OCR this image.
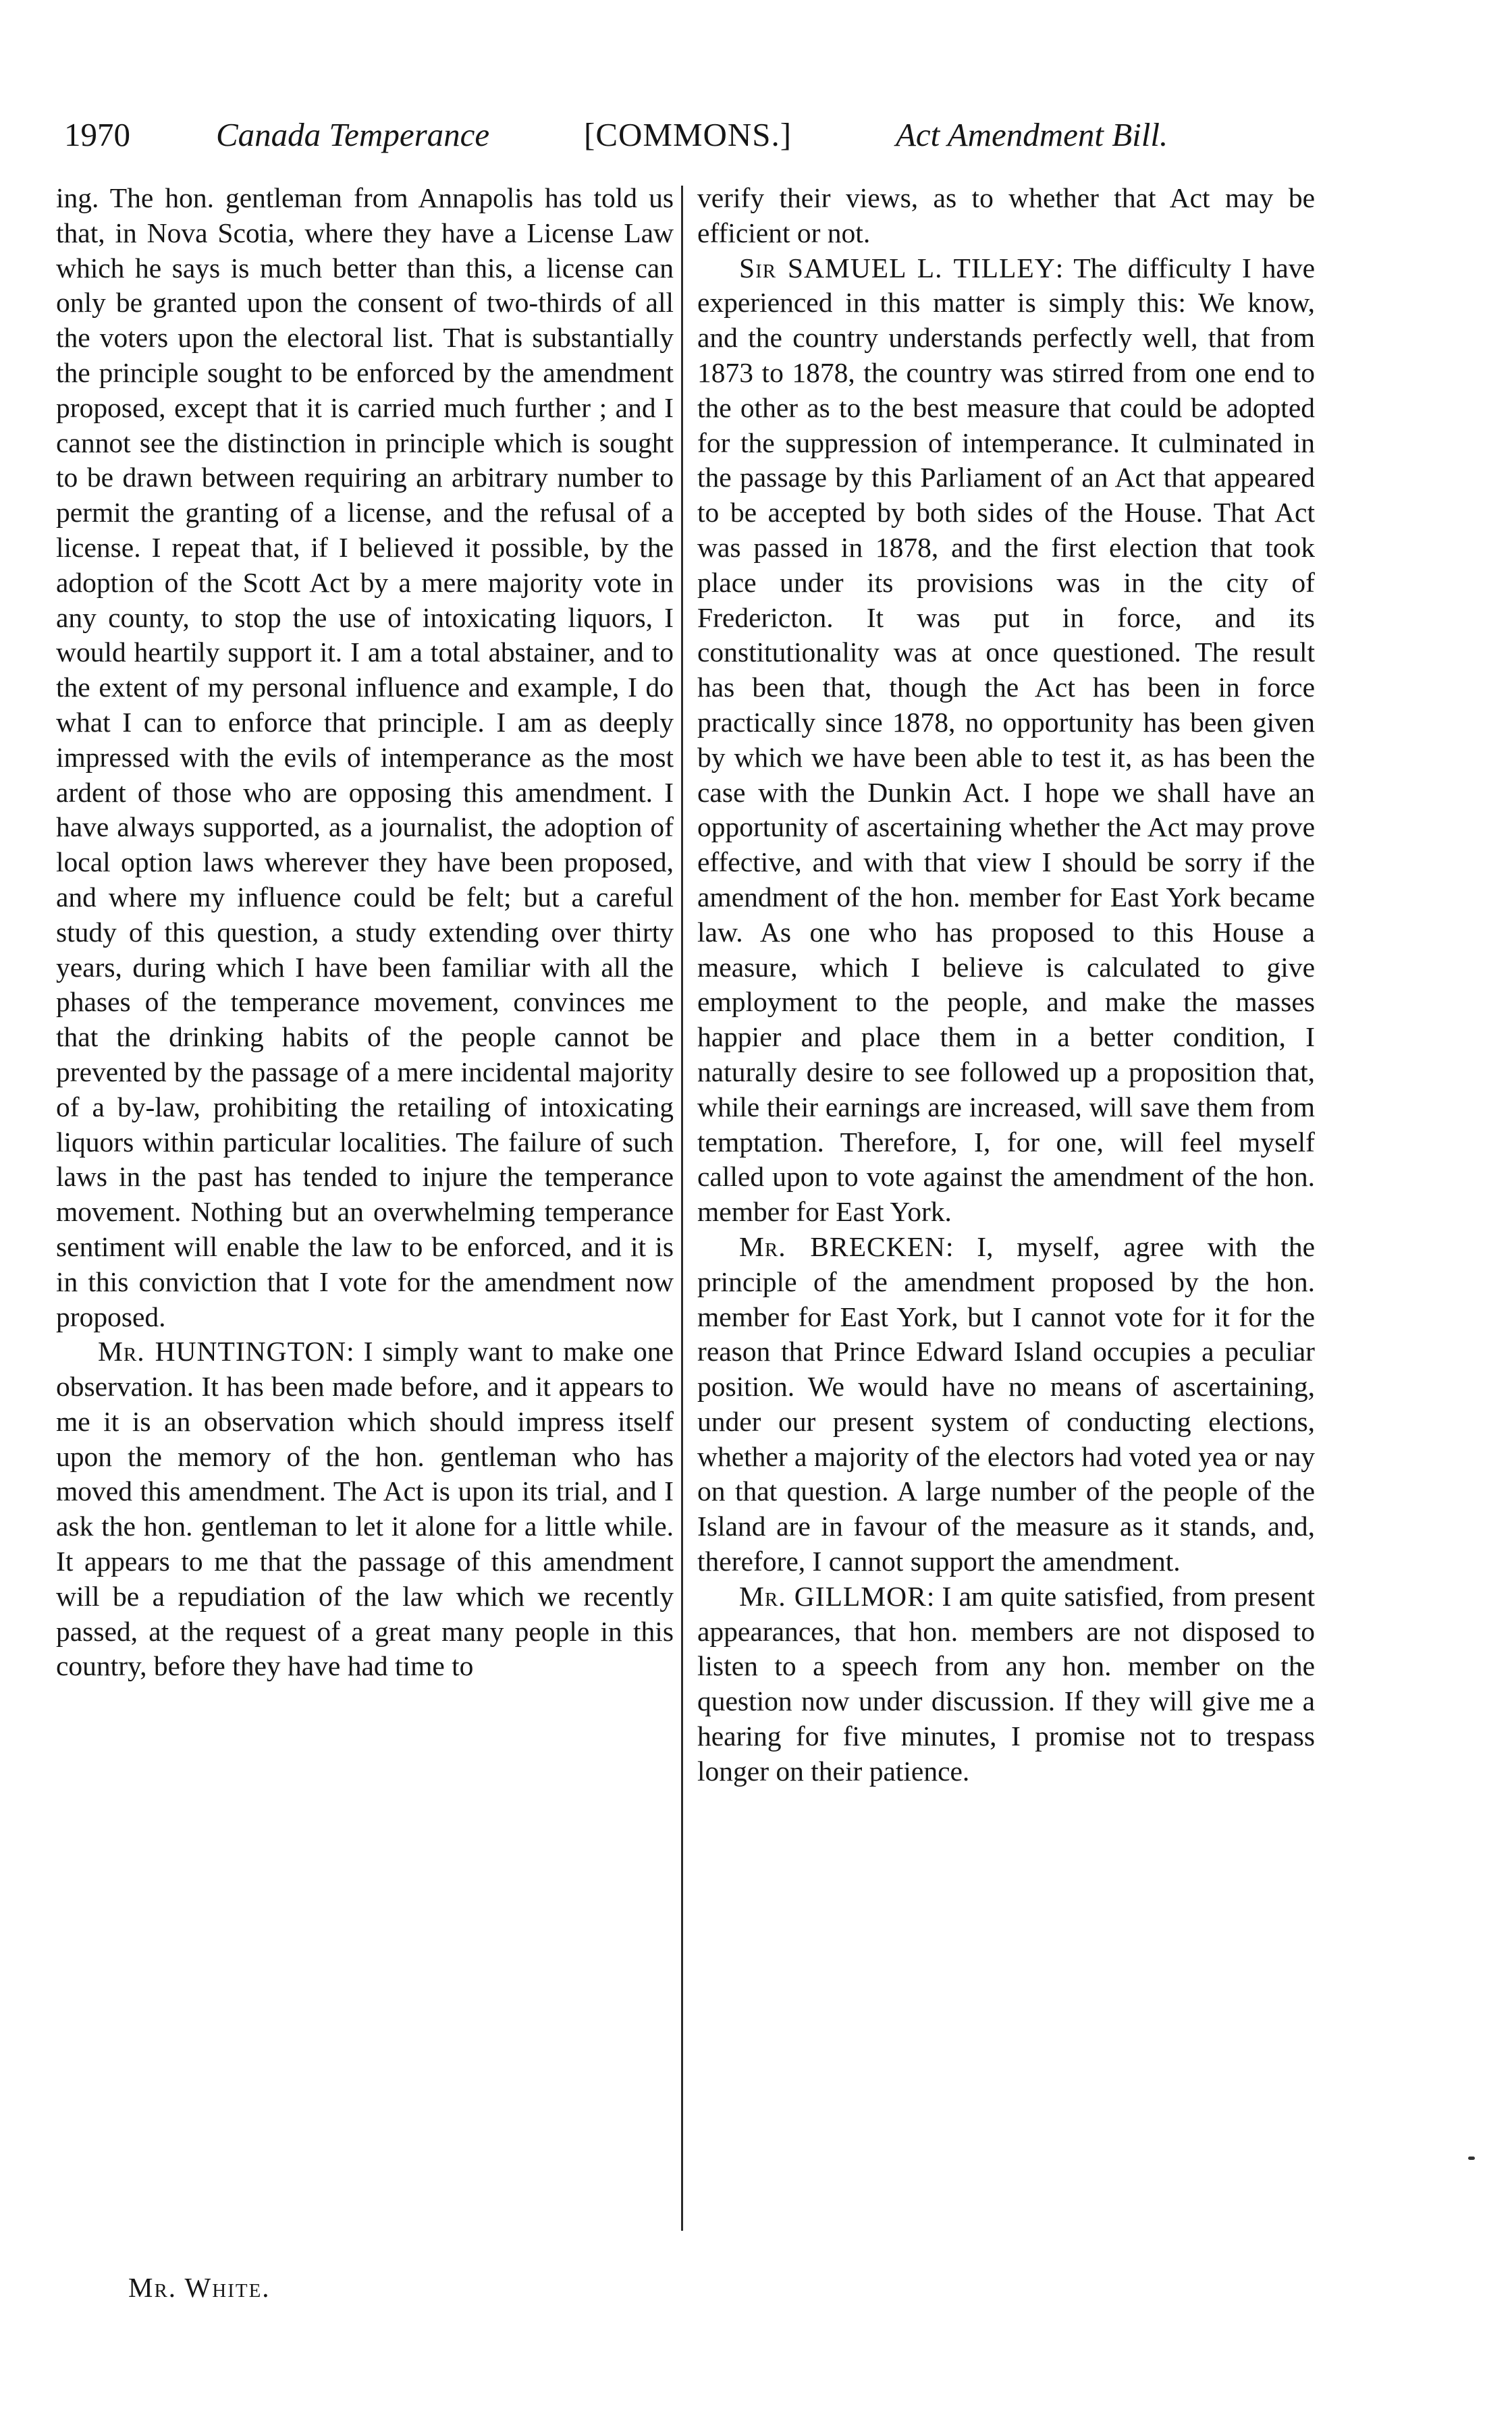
1970	Canada Temperance	[COMMONS.]	Act Amendment Bill.

ing. The hon. gentleman from Annapolis has told us that, in Nova Scotia, where they have a License Law which he says is much better than this, a license can only be granted upon the consent of two-thirds of all the voters upon the electoral list. That is substantially the principle sought to be enforced by the amendment proposed, except that it is carried much further ; and I cannot see the distinction in principle which is sought to be drawn between requiring an arbitrary number to permit the granting of a license, and the refusal of a license. I repeat that, if I believed it possible, by the adoption of the Scott Act by a mere majority vote in any county, to stop the use of intoxicating liquors, I would heartily support it. I am a total abstainer, and to the extent of my personal influence and example, I do what I can to enforce that principle. I am as deeply impressed with the evils of intemperance as the most ardent of those who are opposing this amendment. I have always supported, as a journalist, the adoption of local option laws wherever they have been proposed, and where my influence could be felt; but a careful study of this question, a study extending over thirty years, during which I have been familiar with all the phases of the temperance movement, convinces me that the drinking habits of the people cannot be prevented by the passage of a mere incidental majority of a by-law, prohibiting the retailing of intoxicating liquors within particular localities. The failure of such laws in the past has tended to injure the temperance movement. Nothing but an overwhelming temperance sentiment will enable the law to be enforced, and it is in this conviction that I vote for the amendment now proposed.

Mr. HUNTINGTON: I simply want to make one observation. It has been made before, and it appears to me it is an observation which should impress itself upon the memory of the hon. gentleman who has moved this amendment. The Act is upon its trial, and I ask the hon. gentleman to let it alone for a little while. It appears to me that the passage of this amendment will be a repudiation of the law which we recently passed, at the request of a great many people in this country, before they have had time to

verify their views, as to whether that Act may be efficient or not.

Sir SAMUEL L. TILLEY: The difficulty I have experienced in this matter is simply this: We know, and the country understands perfectly well, that from 1873 to 1878, the country was stirred from one end to the other as to the best measure that could be adopted for the suppression of intemperance. It culminated in the passage by this Parliament of an Act that appeared to be accepted by both sides of the House. That Act was passed in 1878, and the first election that took place under its provisions was in the city of Fredericton. It was put in force, and its constitutionality was at once questioned. The result has been that, though the Act has been in force practically since 1878, no opportunity has been given by which we have been able to test it, as has been the case with the Dunkin Act. I hope we shall have an opportunity of ascertaining whether the Act may prove effective, and with that view I should be sorry if the amendment of the hon. member for East York became law. As one who has proposed to this House a measure, which I believe is calculated to give employment to the people, and make the masses happier and place them in a better condition, I naturally desire to see followed up a proposition that, while their earnings are increased, will save them from temptation. Therefore, I, for one, will feel myself called upon to vote against the amendment of the hon. member for East York.

Mr. BRECKEN: I, myself, agree with the principle of the amendment proposed by the hon. member for East York, but I cannot vote for it for the reason that Prince Edward Island occupies a peculiar position. We would have no means of ascertaining, under our present system of conducting elections, whether a majority of the electors had voted yea or nay on that question. A large number of the people of the Island are in favour of the measure as it stands, and, therefore, I cannot support the amendment.

Mr. GILLMOR: I am quite satisfied, from present appearances, that hon. members are not disposed to listen to a speech from any hon. member on the question now under discussion. If they will give me a hearing for five minutes, I promise not to trespass longer on their patience.

Mr. White.
